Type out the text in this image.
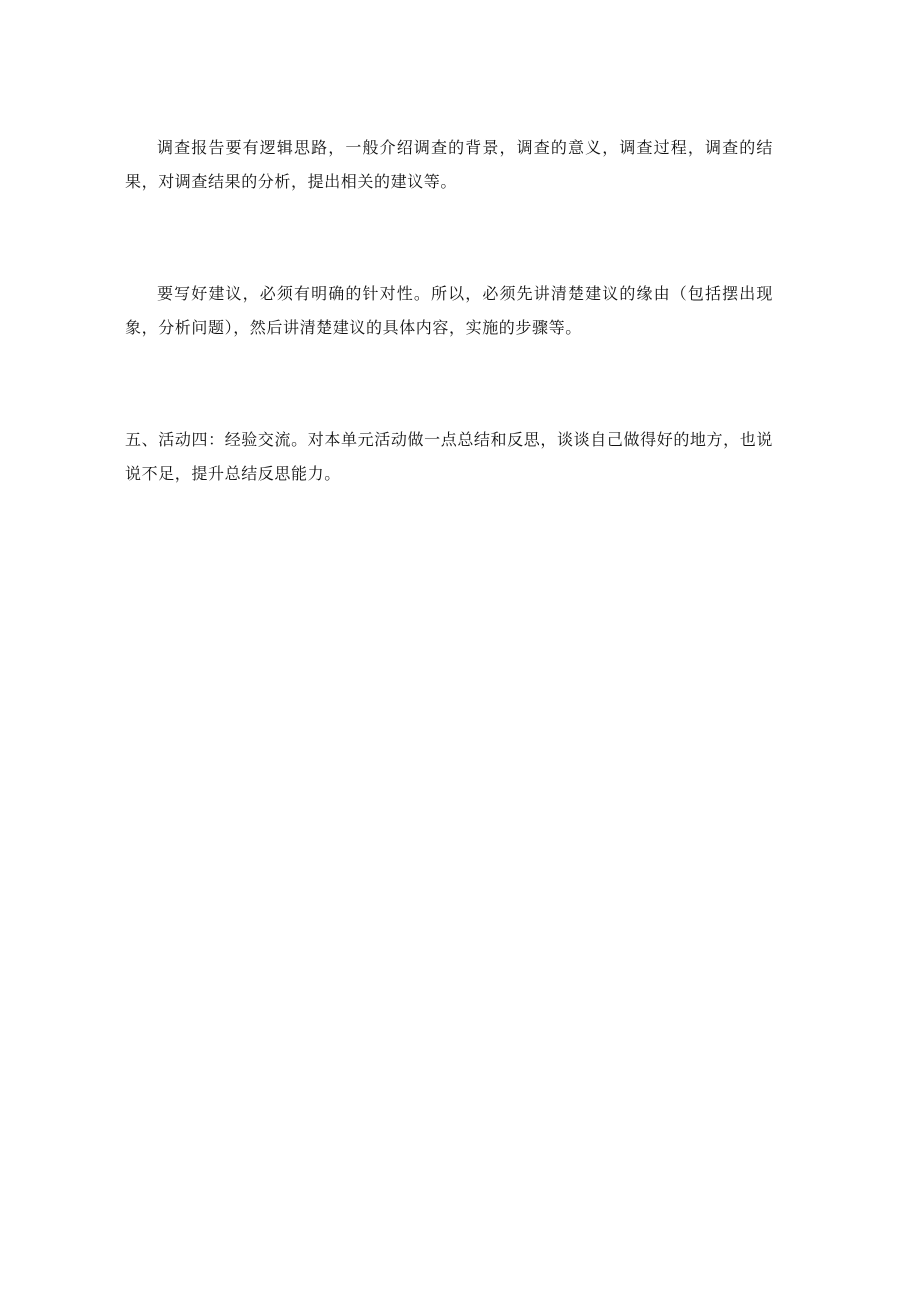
调查报告要有逻辑思路，一般介绍调查的背景，调查的意义，调查过程，调查的结果，对调查结果的分析，提出相关的建议等。

要写好建议，必须有明确的针对性。所以，必须先讲清楚建议的缘由（包括摆出现象，分析问题），然后讲清楚建议的具体内容，实施的步骤等。

五、活动四：经验交流。对本单元活动做一点总结和反思，谈谈自己做得好的地方，也说说不足，提升总结反思能力。
